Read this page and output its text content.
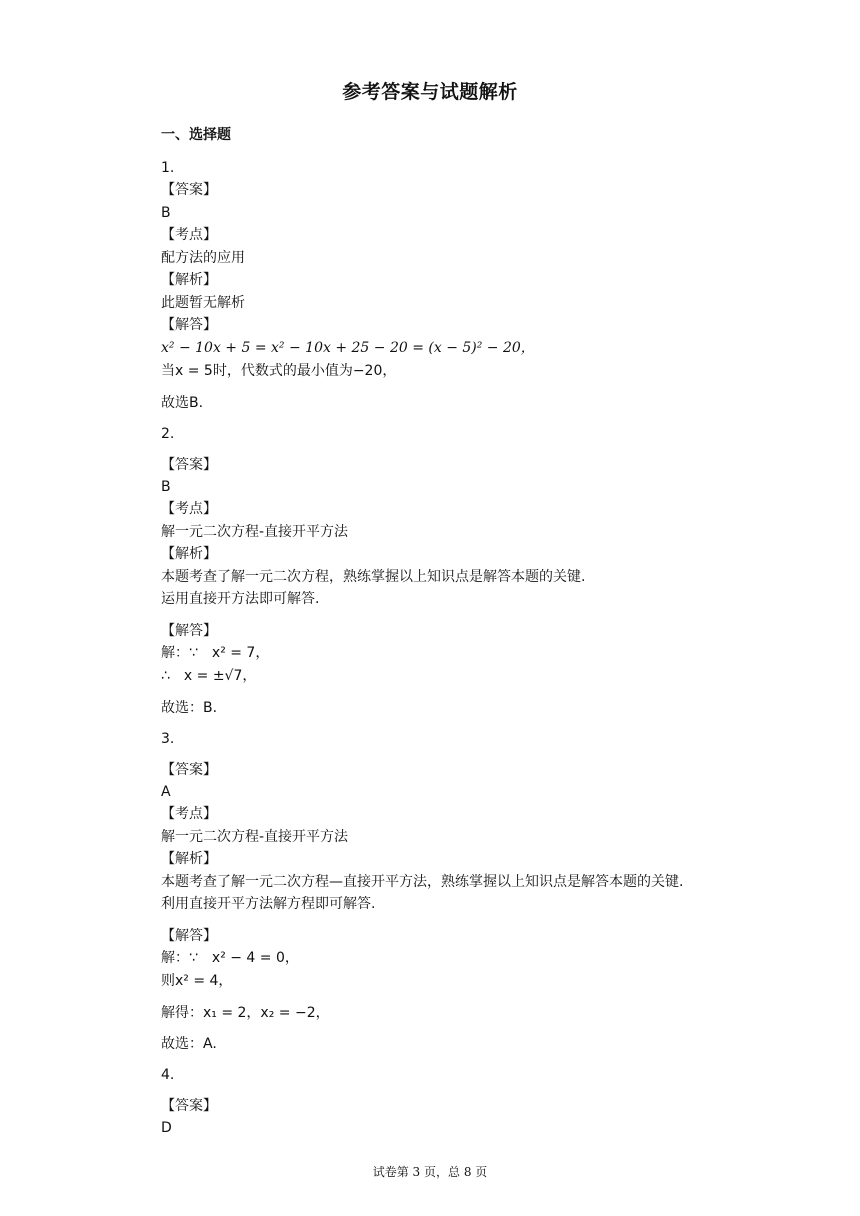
参考答案与试题解析
一、选择题
1.
【答案】
B
【考点】
配方法的应用
【解析】
此题暂无解析
【解答】
x² − 10x + 5 = x² − 10x + 25 − 20 = (x − 5)² − 20，
当x = 5时，代数式的最小值为−20，
故选B.
2.
【答案】
B
【考点】
解一元二次方程-直接开平方法
【解析】
本题考查了解一元二次方程，熟练掌握以上知识点是解答本题的关键.
运用直接开方法即可解答.
【解答】
解：∵　x² = 7，
∴　x = ±√7，
故选：B.
3.
【答案】
A
【考点】
解一元二次方程-直接开平方法
【解析】
本题考查了解一元二次方程—直接开平方法，熟练掌握以上知识点是解答本题的关键.
利用直接开平方法解方程即可解答.
【解答】
解：∵　x² − 4 = 0，
则x² = 4，
解得：x₁ = 2，x₂ = −2，
故选：A.
4.
【答案】
D
试卷第 3 页，总 8 页
